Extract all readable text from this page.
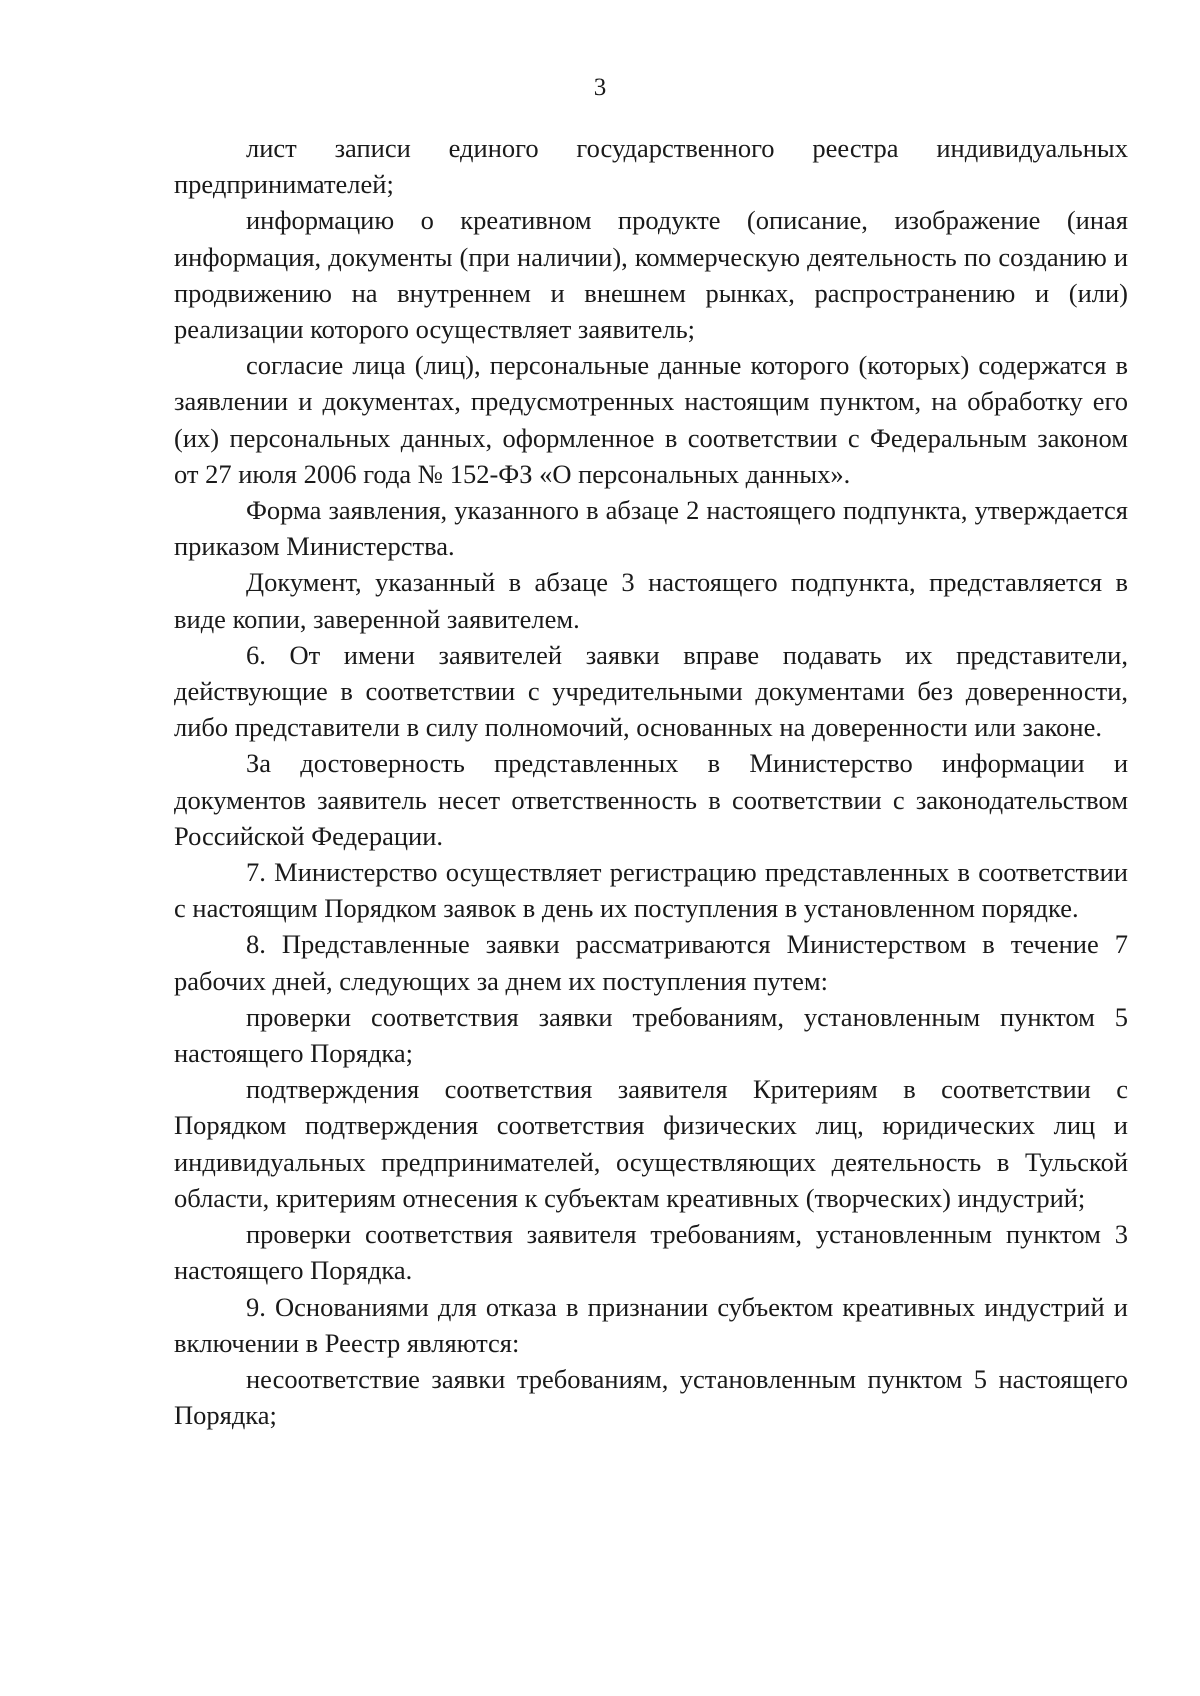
3

лист записи единого государственного реестра индивидуальных предпринимателей;

информацию о креативном продукте (описание, изображение (иная информация, документы (при наличии), коммерческую деятельность по созданию и продвижению на внутреннем и внешнем рынках, распространению и (или) реализации которого осуществляет заявитель;

согласие лица (лиц), персональные данные которого (которых) содержатся в заявлении и документах, предусмотренных настоящим пунктом, на обработку его (их) персональных данных, оформленное в соответствии с Федеральным законом от 27 июля 2006 года № 152-ФЗ «О персональных данных».

Форма заявления, указанного в абзаце 2 настоящего подпункта, утверждается приказом Министерства.

Документ, указанный в абзаце 3 настоящего подпункта, представляется в виде копии, заверенной заявителем.

6. От имени заявителей заявки вправе подавать их представители, действующие в соответствии с учредительными документами без доверенности, либо представители в силу полномочий, основанных на доверенности или законе.

За достоверность представленных в Министерство информации и документов заявитель несет ответственность в соответствии с законодательством Российской Федерации.

7. Министерство осуществляет регистрацию представленных в соответствии с настоящим Порядком заявок в день их поступления в установленном порядке.

8. Представленные заявки рассматриваются Министерством в течение 7 рабочих дней, следующих за днем их поступления путем:

проверки соответствия заявки требованиям, установленным пунктом 5 настоящего Порядка;

подтверждения соответствия заявителя Критериям в соответствии с Порядком подтверждения соответствия физических лиц, юридических лиц и индивидуальных предпринимателей, осуществляющих деятельность в Тульской области, критериям отнесения к субъектам креативных (творческих) индустрий;

проверки соответствия заявителя требованиям, установленным пунктом 3 настоящего Порядка.

9. Основаниями для отказа в признании субъектом креативных индустрий и включении в Реестр являются:

несоответствие заявки требованиям, установленным пунктом 5 настоящего Порядка;
